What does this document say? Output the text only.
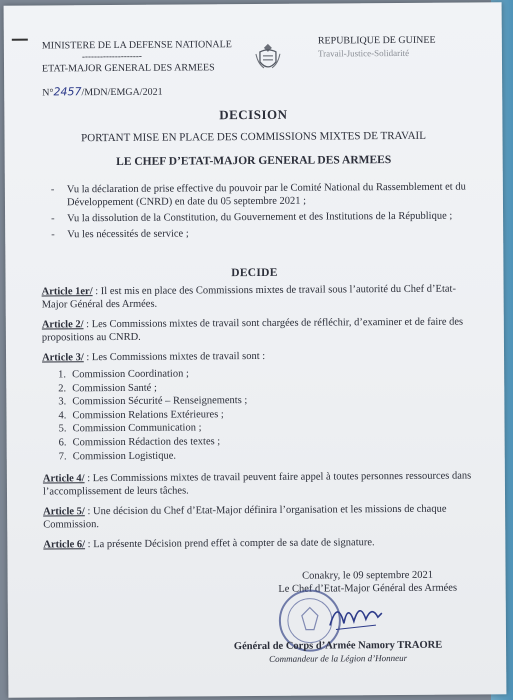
MINISTERE DE LA DEFENSE NATIONALE
--------------------
ETAT-MAJOR GENERAL DES ARMEES
N°2457/MDN/EMGA/2021
REPUBLIQUE DE GUINEE
Travail-Justice-Solidarité
DECISION
PORTANT MISE EN PLACE DES COMMISSIONS MIXTES DE TRAVAIL
LE CHEF D’ETAT-MAJOR GENERAL DES ARMEES
-	Vu la déclaration de prise effective du pouvoir par le Comité National du Rassemblement et du Développement (CNRD) en date du 05 septembre 2021 ;
-	Vu la dissolution de la Constitution, du Gouvernement et des Institutions de la République ;
-	Vu les nécessités de service ;
DECIDE
Article 1er/ : Il est mis en place des Commissions mixtes de travail sous l’autorité du Chef d’Etat-Major Général des Armées.
Article 2/ : Les Commissions mixtes de travail sont chargées de réfléchir, d’examiner et de faire des propositions au CNRD.
Article 3/ : Les Commissions mixtes de travail sont :
1. Commission Coordination ;
2. Commission Santé ;
3. Commission Sécurité – Renseignements ;
4. Commission Relations Extérieures ;
5. Commission Communication ;
6. Commission Rédaction des textes ;
7. Commission Logistique.
Article 4/ : Les Commissions mixtes de travail peuvent faire appel à toutes personnes ressources dans l’accomplissement de leurs tâches.
Article 5/ : Une décision du Chef d’Etat-Major définira l’organisation et les missions de chaque Commission.
Article 6/ : La présente Décision prend effet à compter de sa date de signature.
Conakry, le 09 septembre 2021
Le Chef d’Etat-Major Général des Armées
Général de Corps d’Armée Namory TRAORE
Commandeur de la Légion d’Honneur
